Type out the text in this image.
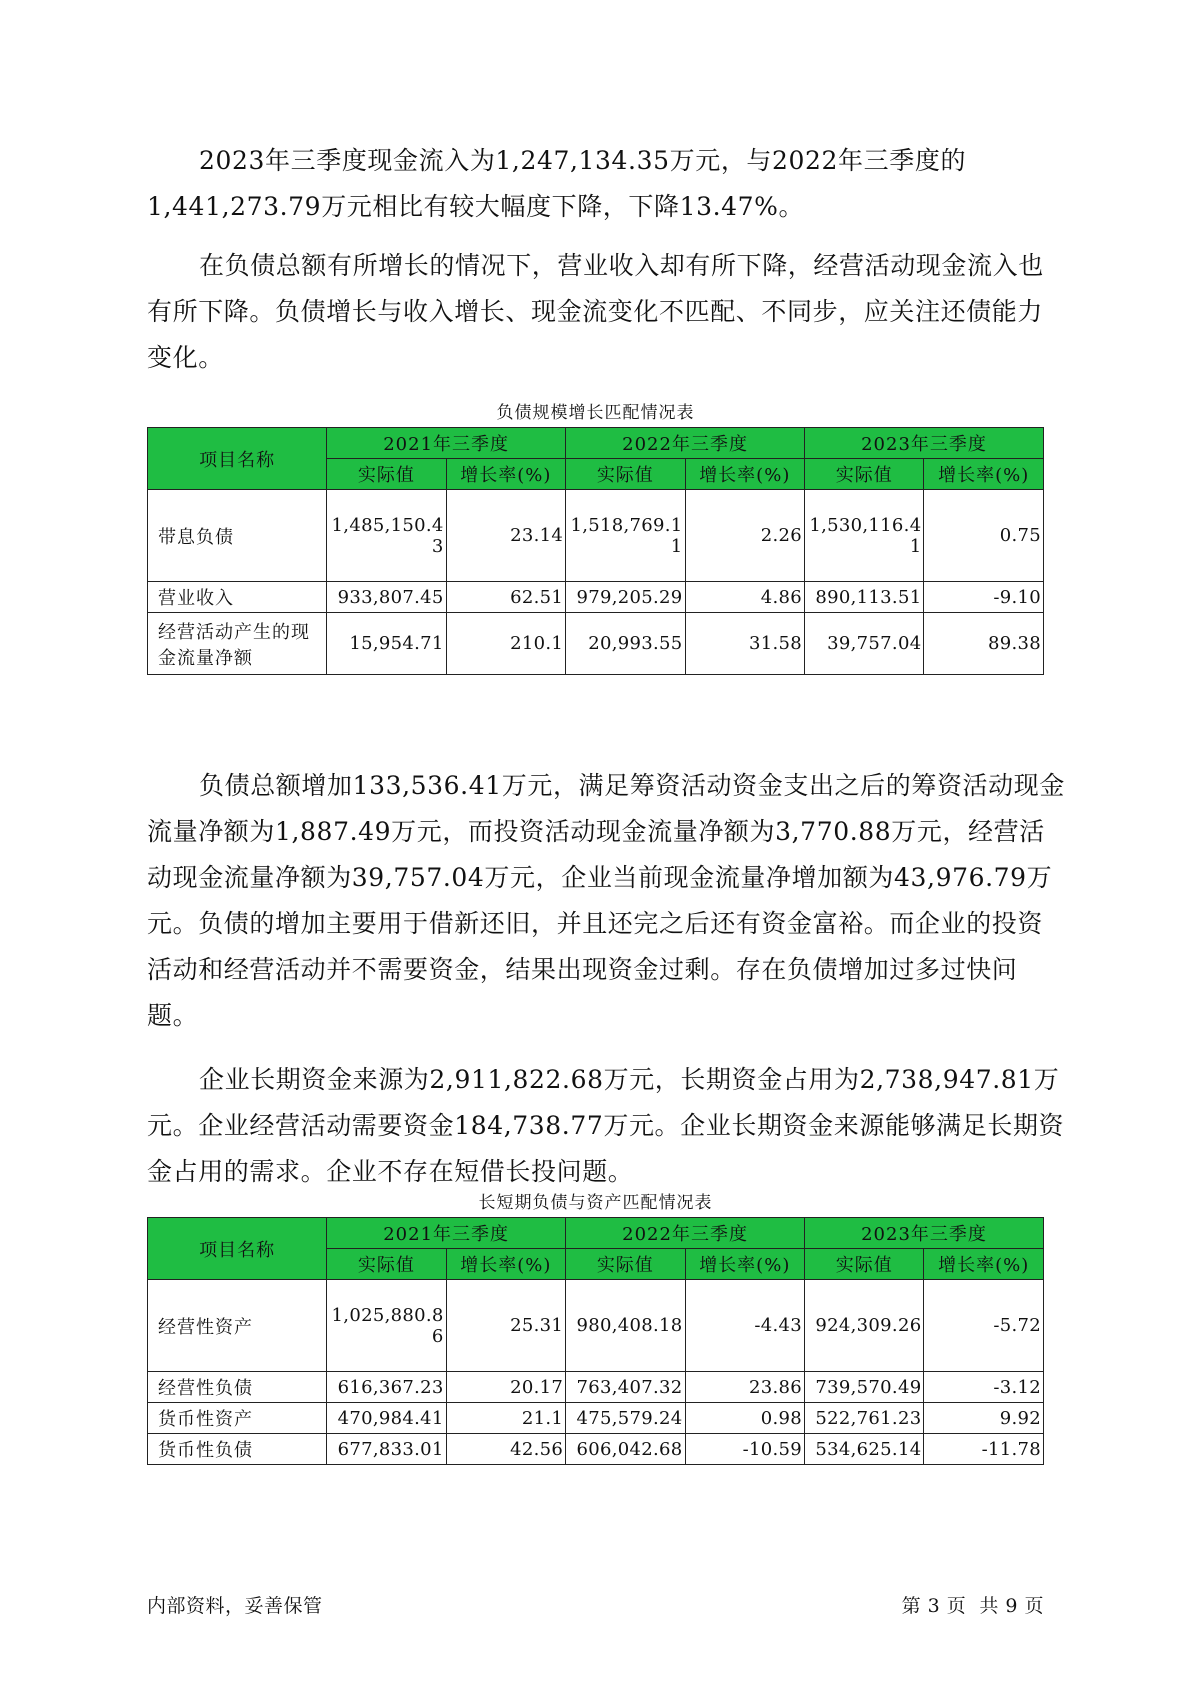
2023年三季度现金流入为1,247,134.35万元，与2022年三季度的1,441,273.79万元相比有较大幅度下降，下降13.47%。

在负债总额有所增长的情况下，营业收入却有所下降，经营活动现金流入也有所下降。负债增长与收入增长、现金流变化不匹配、不同步，应关注还债能力变化。

负债规模增长匹配情况表
项目名称	2021年三季度		2022年三季度		2023年三季度	
	实际值	增长率(%)	实际值	增长率(%)	实际值	增长率(%)
带息负债	1,485,150.43	23.14	1,518,769.11	2.26	1,530,116.41	0.75
营业收入	933,807.45	62.51	979,205.29	4.86	890,113.51	-9.10
经营活动产生的现金流量净额	15,954.71	210.1	20,993.55	31.58	39,757.04	89.38

负债总额增加133,536.41万元，满足筹资活动资金支出之后的筹资活动现金流量净额为1,887.49万元，而投资活动现金流量净额为3,770.88万元，经营活动现金流量净额为39,757.04万元，企业当前现金流量净增加额为43,976.79万元。负债的增加主要用于借新还旧，并且还完之后还有资金富裕。而企业的投资活动和经营活动并不需要资金，结果出现资金过剩。存在负债增加过多过快问题。

企业长期资金来源为2,911,822.68万元，长期资金占用为2,738,947.81万元。企业经营活动需要资金184,738.77万元。企业长期资金来源能够满足长期资金占用的需求。企业不存在短借长投问题。

长短期负债与资产匹配情况表
项目名称	2021年三季度		2022年三季度		2023年三季度	
	实际值	增长率(%)	实际值	增长率(%)	实际值	增长率(%)
经营性资产	1,025,880.86	25.31	980,408.18	-4.43	924,309.26	-5.72
经营性负债	616,367.23	20.17	763,407.32	23.86	739,570.49	-3.12
货币性资产	470,984.41	21.1	475,579.24	0.98	522,761.23	9.92
货币性负债	677,833.01	42.56	606,042.68	-10.59	534,625.14	-11.78
内部资料，妥善保管	第 3 页  共 9 页
